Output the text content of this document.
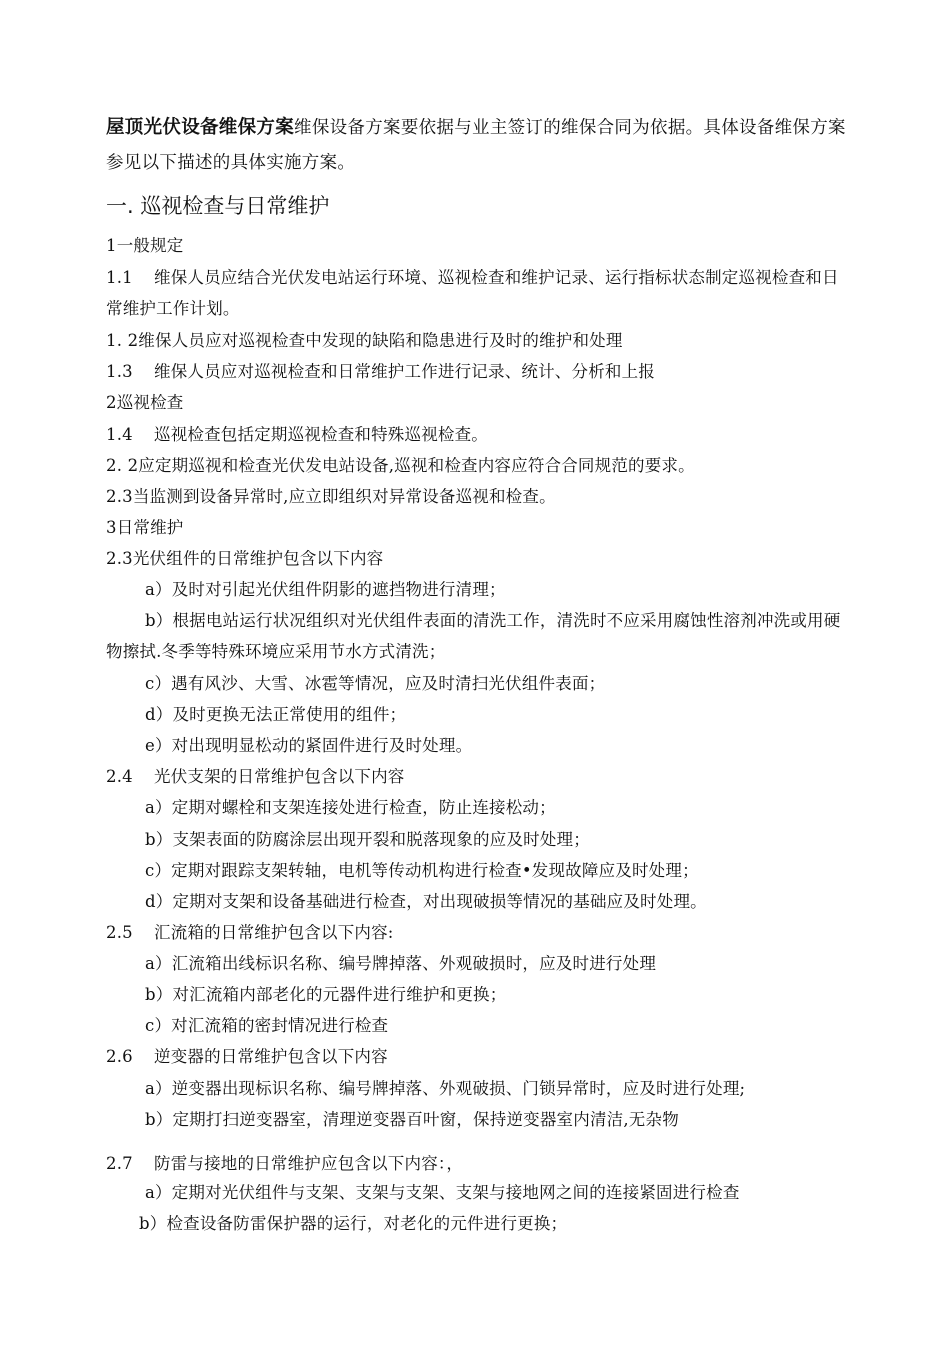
屋顶光伏设备维保方案维保设备方案要依据与业主签订的维保合同为依据。具体设备维保方案参见以下描述的具体实施方案。
一. 巡视检查与日常维护
1一般规定
1.1 维保人员应结合光伏发电站运行环境、巡视检查和维护记录、运行指标状态制定巡视检查和日常维护工作计划。
1. 2维保人员应对巡视检查中发现的缺陷和隐患进行及时的维护和处理
1.3 维保人员应对巡视检查和日常维护工作进行记录、统计、分析和上报
2巡视检查
1.4 巡视检查包括定期巡视检查和特殊巡视检查。
2. 2应定期巡视和检查光伏发电站设备,巡视和检查内容应符合合同规范的要求。
2.3当监测到设备异常时,应立即组织对异常设备巡视和检查。
3日常维护
2.3光伏组件的日常维护包含以下内容
a）及时对引起光伏组件阴影的遮挡物进行清理；
b）根据电站运行状况组织对光伏组件表面的清洗工作，清洗时不应采用腐蚀性溶剂冲洗或用硬物擦拭.冬季等特殊环境应采用节水方式清洗；
c）遇有风沙、大雪、冰雹等情况，应及时清扫光伏组件表面；
d）及时更换无法正常使用的组件；
e）对出现明显松动的紧固件进行及时处理。
2.4 光伏支架的日常维护包含以下内容
a）定期对螺栓和支架连接处进行检查，防止连接松动；
b）支架表面的防腐涂层出现开裂和脱落现象的应及时处理；
c）定期对跟踪支架转轴，电机等传动机构进行检查•发现故障应及时处理；
d）定期对支架和设备基础进行检查，对出现破损等情况的基础应及时处理。
2.5 汇流箱的日常维护包含以下内容:
a）汇流箱出线标识名称、编号牌掉落、外观破损时，应及时进行处理
b）对汇流箱内部老化的元器件进行维护和更换；
c）对汇流箱的密封情况进行检查
2.6 逆变器的日常维护包含以下内容
a）逆变器出现标识名称、编号牌掉落、外观破损、门锁异常时，应及时进行处理;
b）定期打扫逆变器室，清理逆变器百叶窗，保持逆变器室内清洁,无杂物
2.7 防雷与接地的日常维护应包含以下内容：，
a）定期对光伏组件与支架、支架与支架、支架与接地网之间的连接紧固进行检查
b）检查设备防雷保护器的运行，对老化的元件进行更换；
